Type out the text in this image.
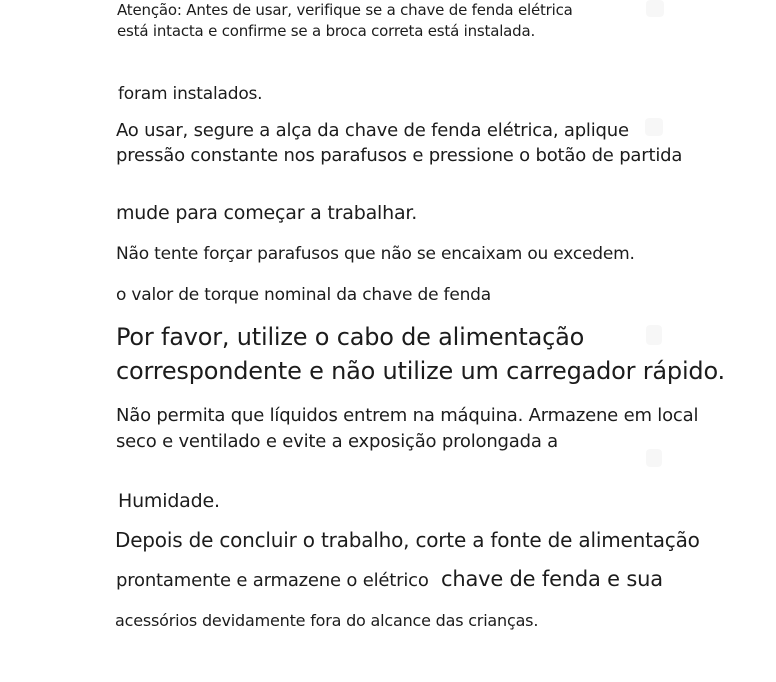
Atenção: Antes de usar, verifique se a chave de fenda elétrica
está intacta e confirme se a broca correta está instalada.
foram instalados.
Ao usar, segure a alça da chave de fenda elétrica, aplique
pressão constante nos parafusos e pressione o botão de partida
mude para começar a trabalhar.
Não tente forçar parafusos que não se encaixam ou excedem.
o valor de torque nominal da chave de fenda
Por favor, utilize o cabo de alimentação
correspondente e não utilize um carregador rápido.
Não permita que líquidos entrem na máquina. Armazene em local
seco e ventilado e evite a exposição prolongada a
Humidade.
Depois de concluir o trabalho, corte a fonte de alimentação
prontamente e armazene o elétrico chave de fenda e sua
acessórios devidamente fora do alcance das crianças.
